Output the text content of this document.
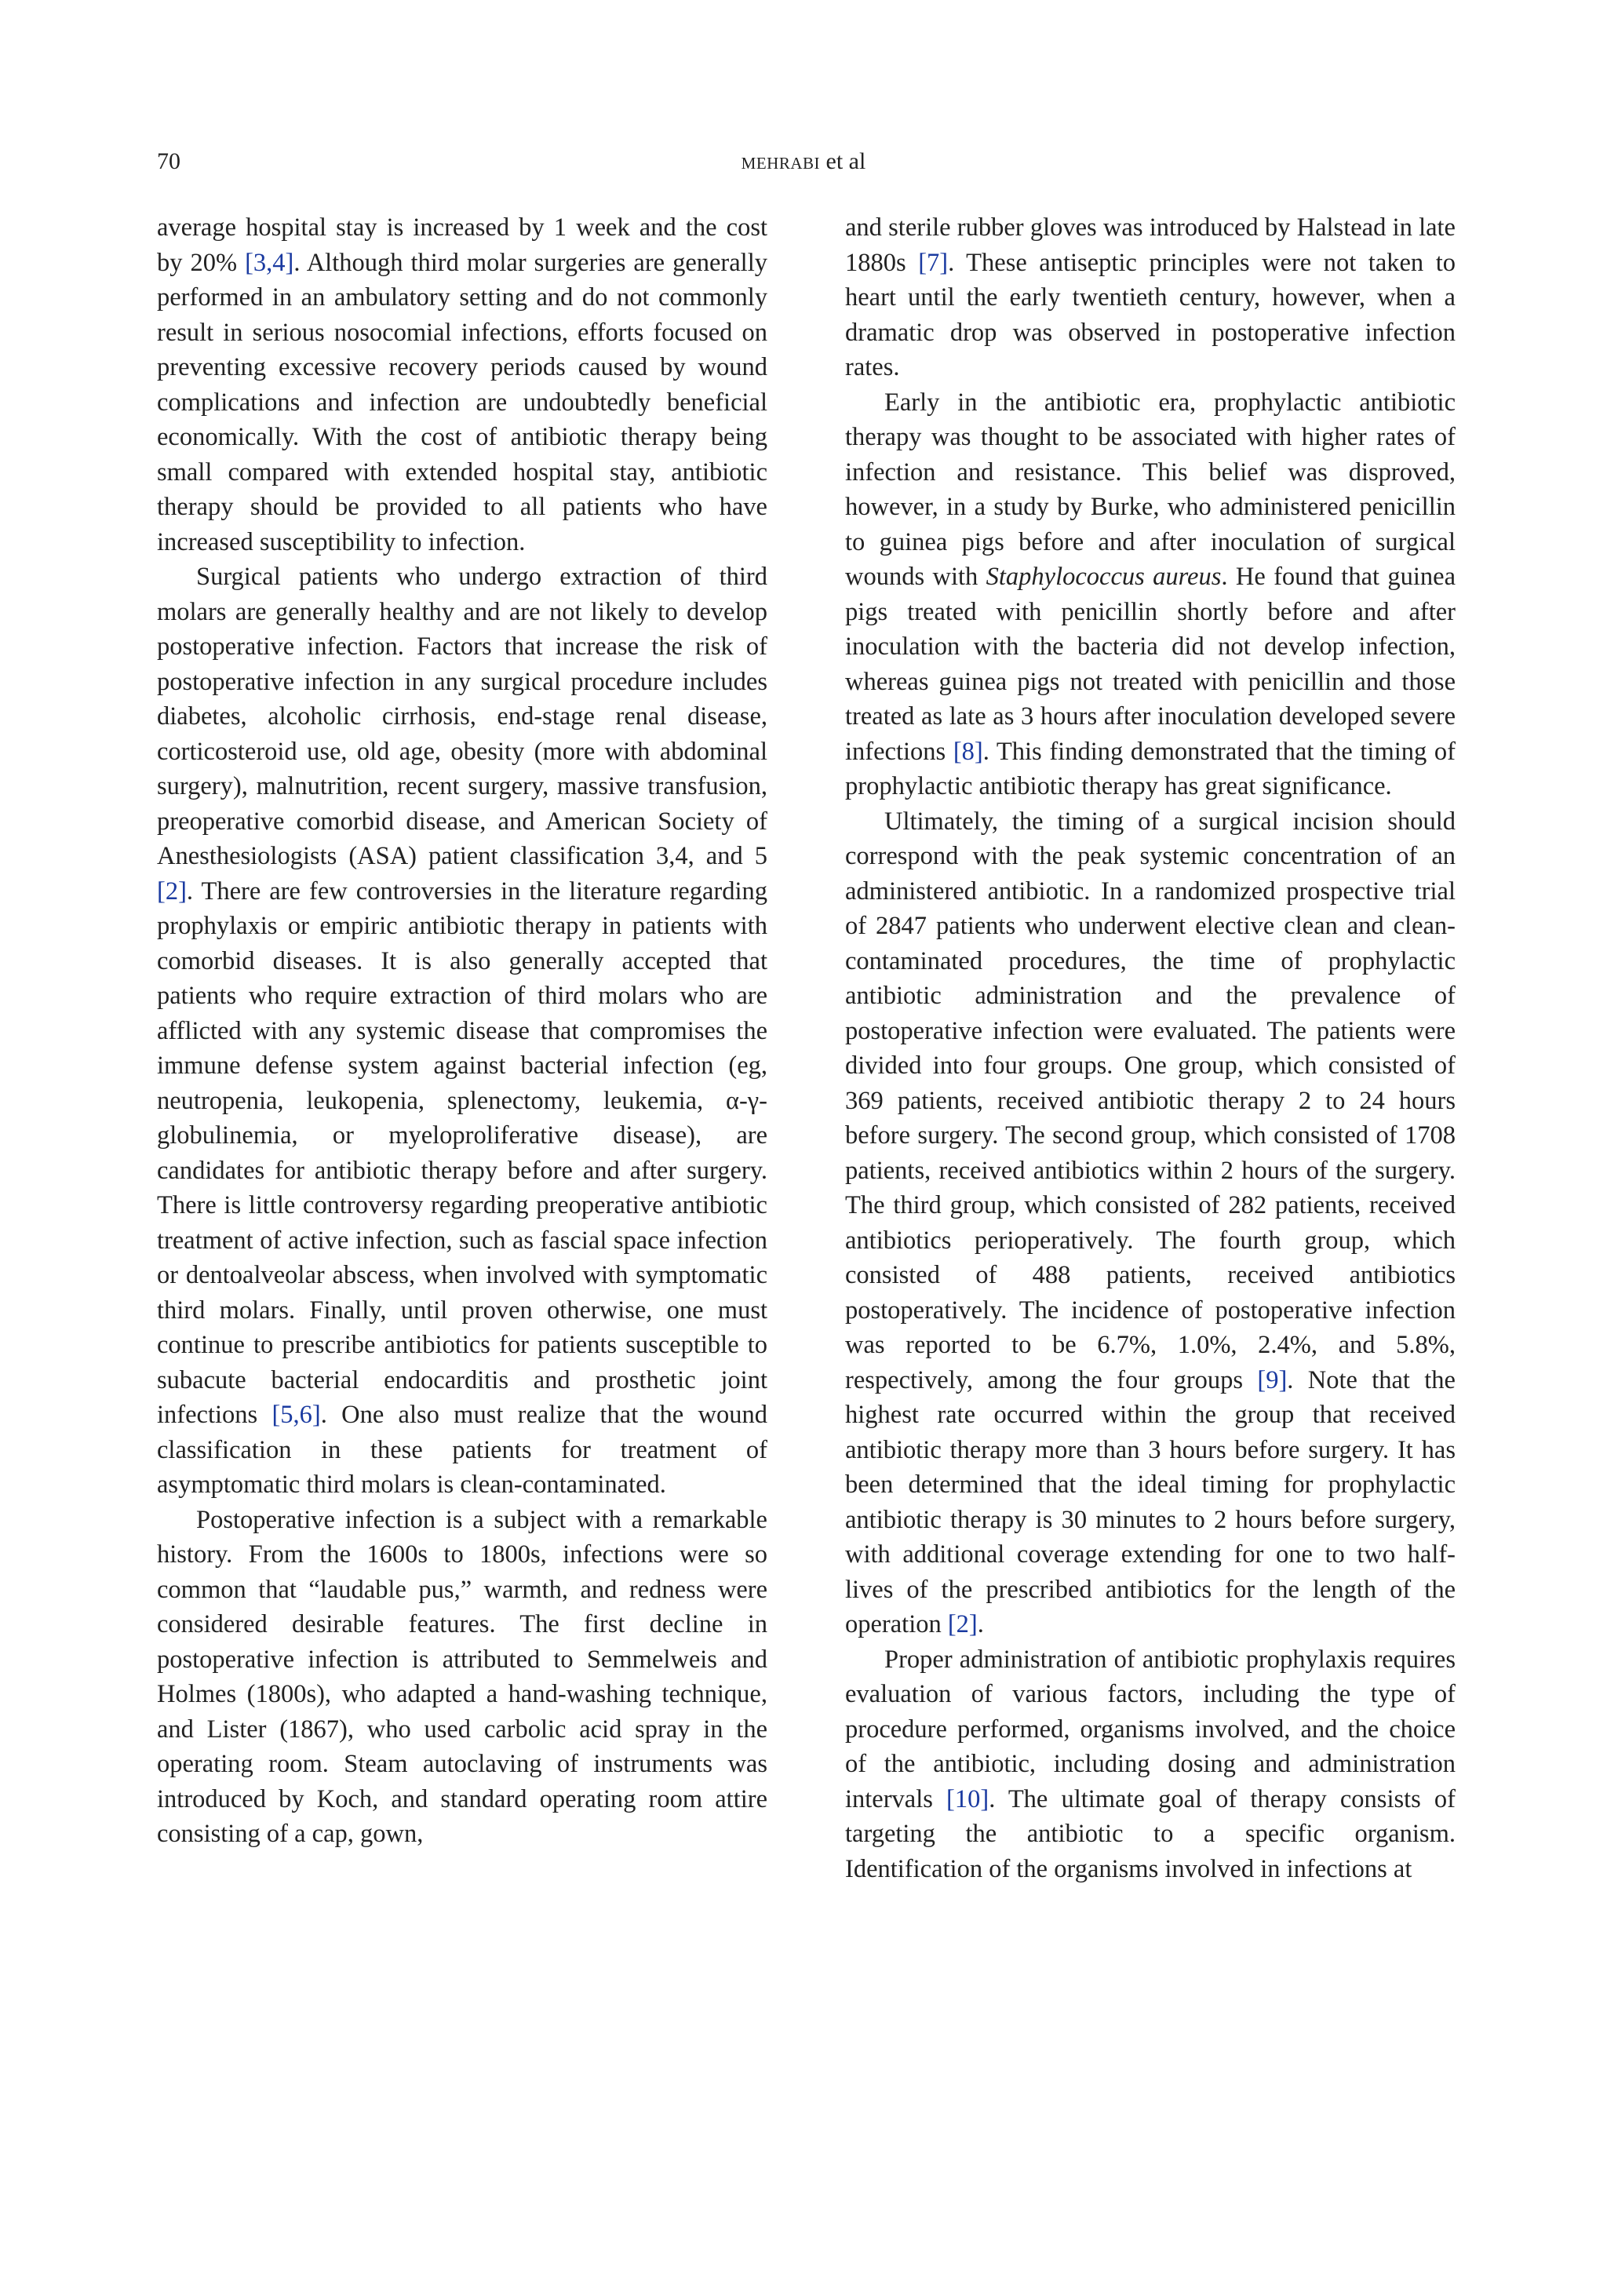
70	mehrabi et al

average hospital stay is increased by 1 week and the cost by 20% [3,4]. Although third molar surgeries are generally performed in an ambulatory setting and do not commonly result in serious nosocomial infections, efforts focused on preventing excessive recovery periods caused by wound complications and infection are undoubtedly beneficial economically. With the cost of antibiotic therapy being small compared with extended hospital stay, antibiotic therapy should be provided to all patients who have increased susceptibility to infection.

Surgical patients who undergo extraction of third molars are generally healthy and are not likely to develop postoperative infection. Factors that increase the risk of postoperative infection in any surgical procedure includes diabetes, alcoholic cirrhosis, end-stage renal disease, corticosteroid use, old age, obesity (more with abdominal surgery), malnutrition, recent surgery, massive transfusion, preoperative comorbid disease, and American Society of Anesthesiologists (ASA) patient classification 3,4, and 5 [2]. There are few controversies in the literature regarding prophylaxis or empiric antibiotic therapy in patients with comorbid diseases. It is also generally accepted that patients who require extraction of third molars who are afflicted with any systemic disease that compromises the immune defense system against bacterial infection (eg, neutropenia, leukopenia, splenectomy, leukemia, α-γ-globulinemia, or myeloproliferative disease), are candidates for antibiotic therapy before and after surgery. There is little controversy regarding preoperative antibiotic treatment of active infection, such as fascial space infection or dentoalveolar abscess, when involved with symptomatic third molars. Finally, until proven otherwise, one must continue to prescribe antibiotics for patients susceptible to subacute bacterial endocarditis and prosthetic joint infections [5,6]. One also must realize that the wound classification in these patients for treatment of asymptomatic third molars is clean-contaminated.

Postoperative infection is a subject with a remarkable history. From the 1600s to 1800s, infections were so common that “laudable pus,” warmth, and redness were considered desirable features. The first decline in postoperative infection is attributed to Semmelweis and Holmes (1800s), who adapted a hand-washing technique, and Lister (1867), who used carbolic acid spray in the operating room. Steam autoclaving of instruments was introduced by Koch, and standard operating room attire consisting of a cap, gown,

and sterile rubber gloves was introduced by Halstead in late 1880s [7]. These antiseptic principles were not taken to heart until the early twentieth century, however, when a dramatic drop was observed in postoperative infection rates.

Early in the antibiotic era, prophylactic antibiotic therapy was thought to be associated with higher rates of infection and resistance. This belief was disproved, however, in a study by Burke, who administered penicillin to guinea pigs before and after inoculation of surgical wounds with Staphylococcus aureus. He found that guinea pigs treated with penicillin shortly before and after inoculation with the bacteria did not develop infection, whereas guinea pigs not treated with penicillin and those treated as late as 3 hours after inoculation developed severe infections [8]. This finding demonstrated that the timing of prophylactic antibiotic therapy has great significance.

Ultimately, the timing of a surgical incision should correspond with the peak systemic concentration of an administered antibiotic. In a randomized prospective trial of 2847 patients who underwent elective clean and clean-contaminated procedures, the time of prophylactic antibiotic administration and the prevalence of postoperative infection were evaluated. The patients were divided into four groups. One group, which consisted of 369 patients, received antibiotic therapy 2 to 24 hours before surgery. The second group, which consisted of 1708 patients, received antibiotics within 2 hours of the surgery. The third group, which consisted of 282 patients, received antibiotics perioperatively. The fourth group, which consisted of 488 patients, received antibiotics postoperatively. The incidence of postoperative infection was reported to be 6.7%, 1.0%, 2.4%, and 5.8%, respectively, among the four groups [9]. Note that the highest rate occurred within the group that received antibiotic therapy more than 3 hours before surgery. It has been determined that the ideal timing for prophylactic antibiotic therapy is 30 minutes to 2 hours before surgery, with additional coverage extending for one to two half-lives of the prescribed antibiotics for the length of the operation [2].

Proper administration of antibiotic prophylaxis requires evaluation of various factors, including the type of procedure performed, organisms involved, and the choice of the antibiotic, including dosing and administration intervals [10]. The ultimate goal of therapy consists of targeting the antibiotic to a specific organism. Identification of the organisms involved in infections at
